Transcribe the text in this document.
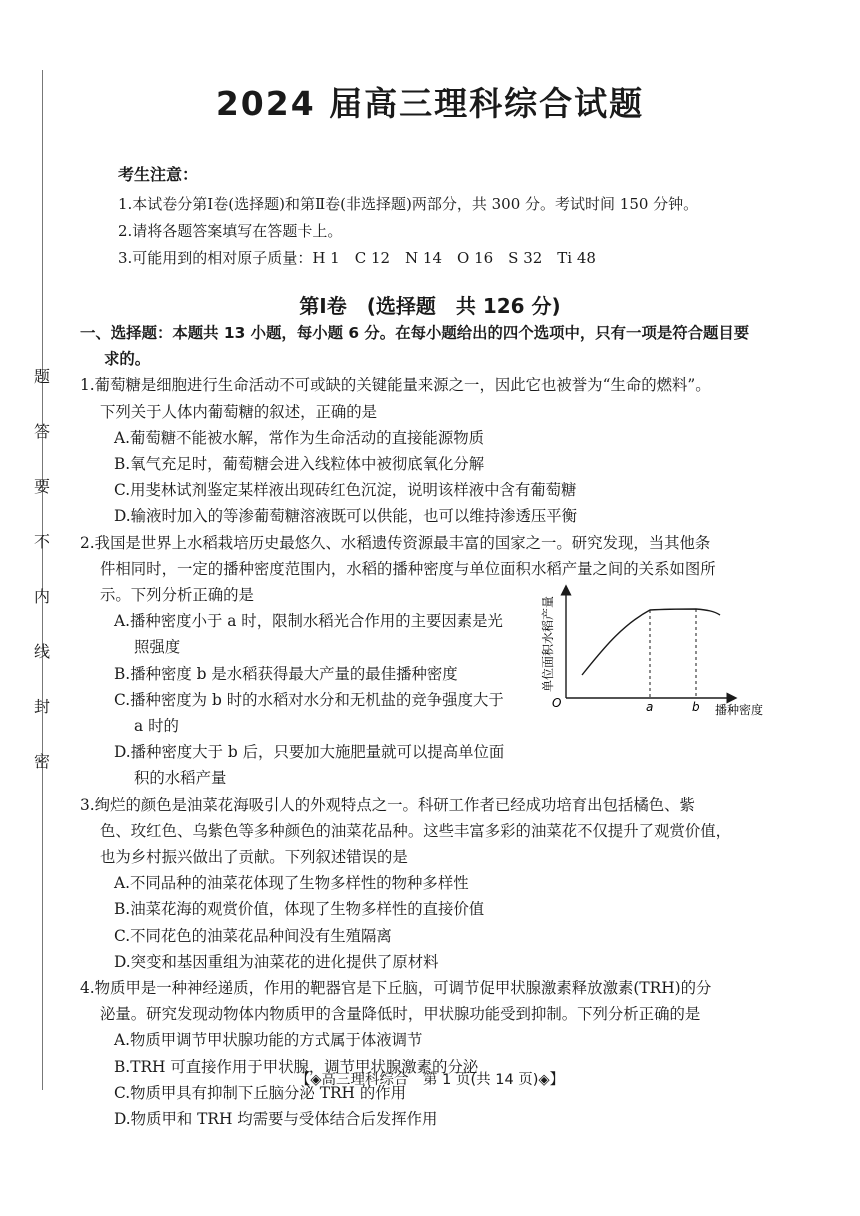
题
答
要
不
内
线
封
密
2024 届高三理科综合试题
考生注意：
1.本试卷分第Ⅰ卷(选择题)和第Ⅱ卷(非选择题)两部分，共 300 分。考试时间 150 分钟。
2.请将各题答案填写在答题卡上。
3.可能用到的相对原子质量：H 1　C 12　N 14　O 16　S 32　Ti 48
第Ⅰ卷　(选择题　共 126 分)
一、选择题：本题共 13 小题，每小题 6 分。在每小题给出的四个选项中，只有一项是符合题目要
求的。
1.葡萄糖是细胞进行生命活动不可或缺的关键能量来源之一，因此它也被誉为“生命的燃料”。
下列关于人体内葡萄糖的叙述，正确的是
A.葡萄糖不能被水解，常作为生命活动的直接能源物质
B.氧气充足时，葡萄糖会进入线粒体中被彻底氧化分解
C.用斐林试剂鉴定某样液出现砖红色沉淀，说明该样液中含有葡萄糖
D.输液时加入的等渗葡萄糖溶液既可以供能，也可以维持渗透压平衡
2.我国是世界上水稻栽培历史最悠久、水稻遗传资源最丰富的国家之一。研究发现，当其他条
件相同时，一定的播种密度范围内，水稻的播种密度与单位面积水稻产量之间的关系如图所
示。下列分析正确的是
A.播种密度小于 a 时，限制水稻光合作用的主要因素是光
照强度
B.播种密度 b 是水稻获得最大产量的最佳播种密度
C.播种密度为 b 时的水稻对水分和无机盐的竞争强度大于
a 时的
D.播种密度大于 b 后，只要加大施肥量就可以提高单位面
积的水稻产量
3.绚烂的颜色是油菜花海吸引人的外观特点之一。科研工作者已经成功培育出包括橘色、紫
色、玫红色、乌紫色等多种颜色的油菜花品种。这些丰富多彩的油菜花不仅提升了观赏价值，
也为乡村振兴做出了贡献。下列叙述错误的是
A.不同品种的油菜花体现了生物多样性的物种多样性
B.油菜花海的观赏价值，体现了生物多样性的直接价值
C.不同花色的油菜花品种间没有生殖隔离
D.突变和基因重组为油菜花的进化提供了原材料
4.物质甲是一种神经递质，作用的靶器官是下丘脑，可调节促甲状腺激素释放激素(TRH)的分
泌量。研究发现动物体内物质甲的含量降低时，甲状腺功能受到抑制。下列分析正确的是
A.物质甲调节甲状腺功能的方式属于体液调节
B.TRH 可直接作用于甲状腺，调节甲状腺激素的分泌
C.物质甲具有抑制下丘脑分泌 TRH 的作用
D.物质甲和 TRH 均需要与受体结合后发挥作用
O	a	b 播种密度
单位面积水稻产量
【◈高三理科综合　第 1 页(共 14 页)◈】
